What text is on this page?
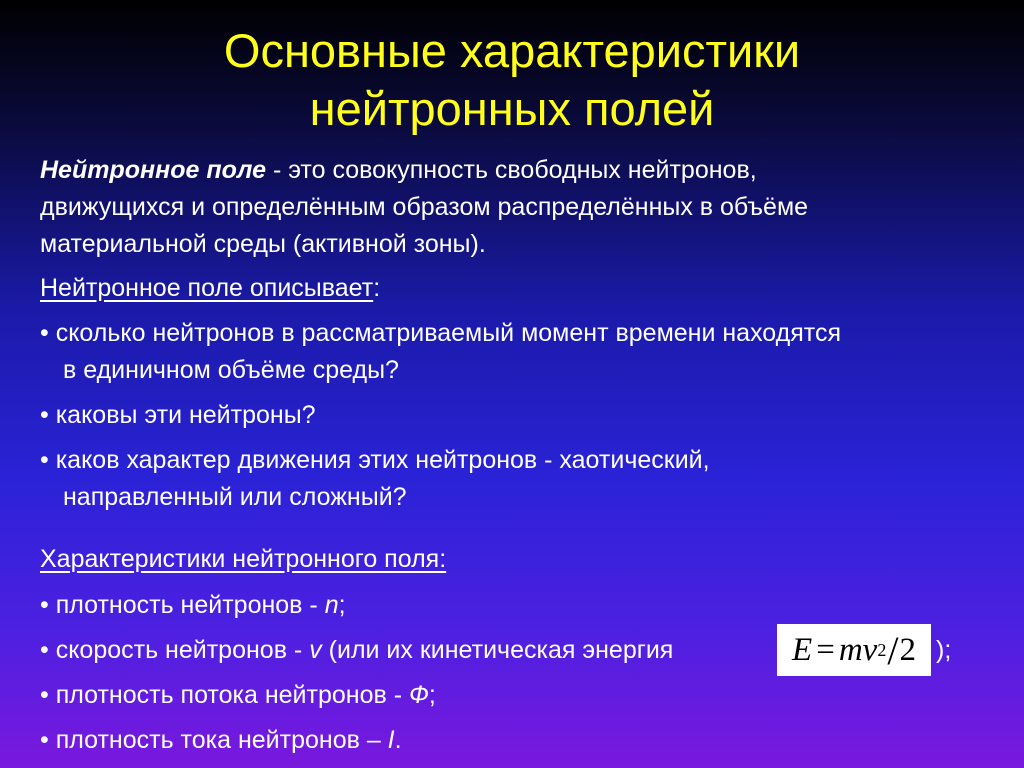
Основные характеристики
нейтронных полей
Нейтронное поле - это совокупность свободных нейтронов,
движущихся и определённым образом распределённых в объёме
материальной среды (активной зоны).
Нейтронное поле описывает:
• сколько нейтронов в рассматриваемый момент времени находятся
в единичном объёме среды?
• каковы эти нейтроны?
• каков характер движения этих нейтронов - хаотический,
направленный или сложный?
Характеристики нейтронного поля:
• плотность нейтронов - n;
• скорость нейтронов - v (или их кинетическая энергия	);
E = mv 2 / 2
• плотность потока нейтронов - Ф;
• плотность тока нейтронов – I.
